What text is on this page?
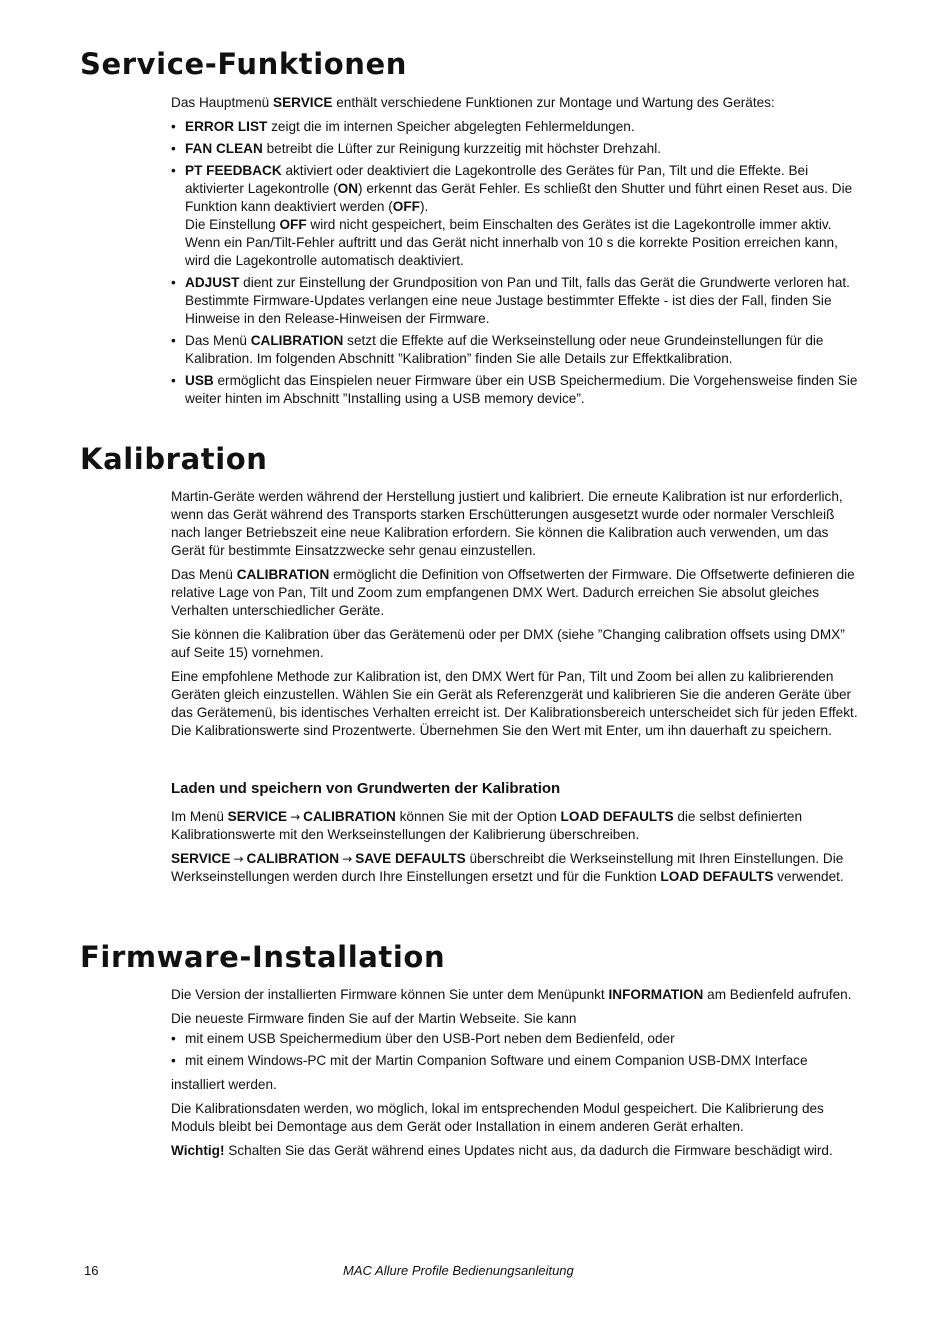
Service-Funktionen

Das Hauptmenü SERVICE enthält verschiedene Funktionen zur Montage und Wartung des Gerätes:

• ERROR LIST zeigt die im internen Speicher abgelegten Fehlermeldungen.
• FAN CLEAN betreibt die Lüfter zur Reinigung kurzzeitig mit höchster Drehzahl.
• PT FEEDBACK aktiviert oder deaktiviert die Lagekontrolle des Gerätes für Pan, Tilt und die Effekte. Bei aktivierter Lagekontrolle (ON) erkennt das Gerät Fehler. Es schließt den Shutter und führt einen Reset aus. Die Funktion kann deaktiviert werden (OFF).
Die Einstellung OFF wird nicht gespeichert, beim Einschalten des Gerätes ist die Lagekontrolle immer aktiv. Wenn ein Pan/Tilt-Fehler auftritt und das Gerät nicht innerhalb von 10 s die korrekte Position erreichen kann, wird die Lagekontrolle automatisch deaktiviert.
• ADJUST dient zur Einstellung der Grundposition von Pan und Tilt, falls das Gerät die Grundwerte verloren hat. Bestimmte Firmware-Updates verlangen eine neue Justage bestimmter Effekte - ist dies der Fall, finden Sie Hinweise in den Release-Hinweisen der Firmware.
• Das Menü CALIBRATION setzt die Effekte auf die Werkseinstellung oder neue Grundeinstellungen für die Kalibration. Im folgenden Abschnitt ”Kalibration” finden Sie alle Details zur Effektkalibration.
• USB ermöglicht das Einspielen neuer Firmware über ein USB Speichermedium. Die Vorgehensweise finden Sie weiter hinten im Abschnitt ”Installing using a USB memory device”.
Kalibration

Martin-Geräte werden während der Herstellung justiert und kalibriert. Die erneute Kalibration ist nur erforderlich, wenn das Gerät während des Transports starken Erschütterungen ausgesetzt wurde oder normaler Verschleiß nach langer Betriebszeit eine neue Kalibration erfordern. Sie können die Kalibration auch verwenden, um das Gerät für bestimmte Einsatzzwecke sehr genau einzustellen.

Das Menü CALIBRATION ermöglicht die Definition von Offsetwerten der Firmware. Die Offsetwerte definieren die relative Lage von Pan, Tilt und Zoom zum empfangenen DMX Wert. Dadurch erreichen Sie absolut gleiches Verhalten unterschiedlicher Geräte.

Sie können die Kalibration über das Gerätemenü oder per DMX (siehe ”Changing calibration offsets using DMX” auf Seite 15) vornehmen.

Eine empfohlene Methode zur Kalibration ist, den DMX Wert für Pan, Tilt und Zoom bei allen zu kalibrierenden Geräten gleich einzustellen. Wählen Sie ein Gerät als Referenzgerät und kalibrieren Sie die anderen Geräte über das Gerätemenü, bis identisches Verhalten erreicht ist. Der Kalibrationsbereich unterscheidet sich für jeden Effekt. Die Kalibrationswerte sind Prozentwerte. Übernehmen Sie den Wert mit Enter, um ihn dauerhaft zu speichern.

Laden und speichern von Grundwerten der Kalibration

Im Menü SERVICE → CALIBRATION können Sie mit der Option LOAD DEFAULTS die selbst definierten Kalibrationswerte mit den Werkseinstellungen der Kalibrierung überschreiben.

SERVICE → CALIBRATION → SAVE DEFAULTS überschreibt die Werkseinstellung mit Ihren Einstellungen. Die Werkseinstellungen werden durch Ihre Einstellungen ersetzt und für die Funktion LOAD DEFAULTS verwendet.

Firmware-Installation

Die Version der installierten Firmware können Sie unter dem Menüpunkt INFORMATION am Bedienfeld aufrufen.

Die neueste Firmware finden Sie auf der Martin Webseite. Sie kann

• mit einem USB Speichermedium über den USB-Port neben dem Bedienfeld, oder
• mit einem Windows-PC mit der Martin Companion Software und einem Companion USB-DMX Interface

installiert werden.

Die Kalibrationsdaten werden, wo möglich, lokal im entsprechenden Modul gespeichert. Die Kalibrierung des Moduls bleibt bei Demontage aus dem Gerät oder Installation in einem anderen Gerät erhalten.

Wichtig! Schalten Sie das Gerät während eines Updates nicht aus, da dadurch die Firmware beschädigt wird.

16	MAC Allure Profile Bedienungsanleitung
